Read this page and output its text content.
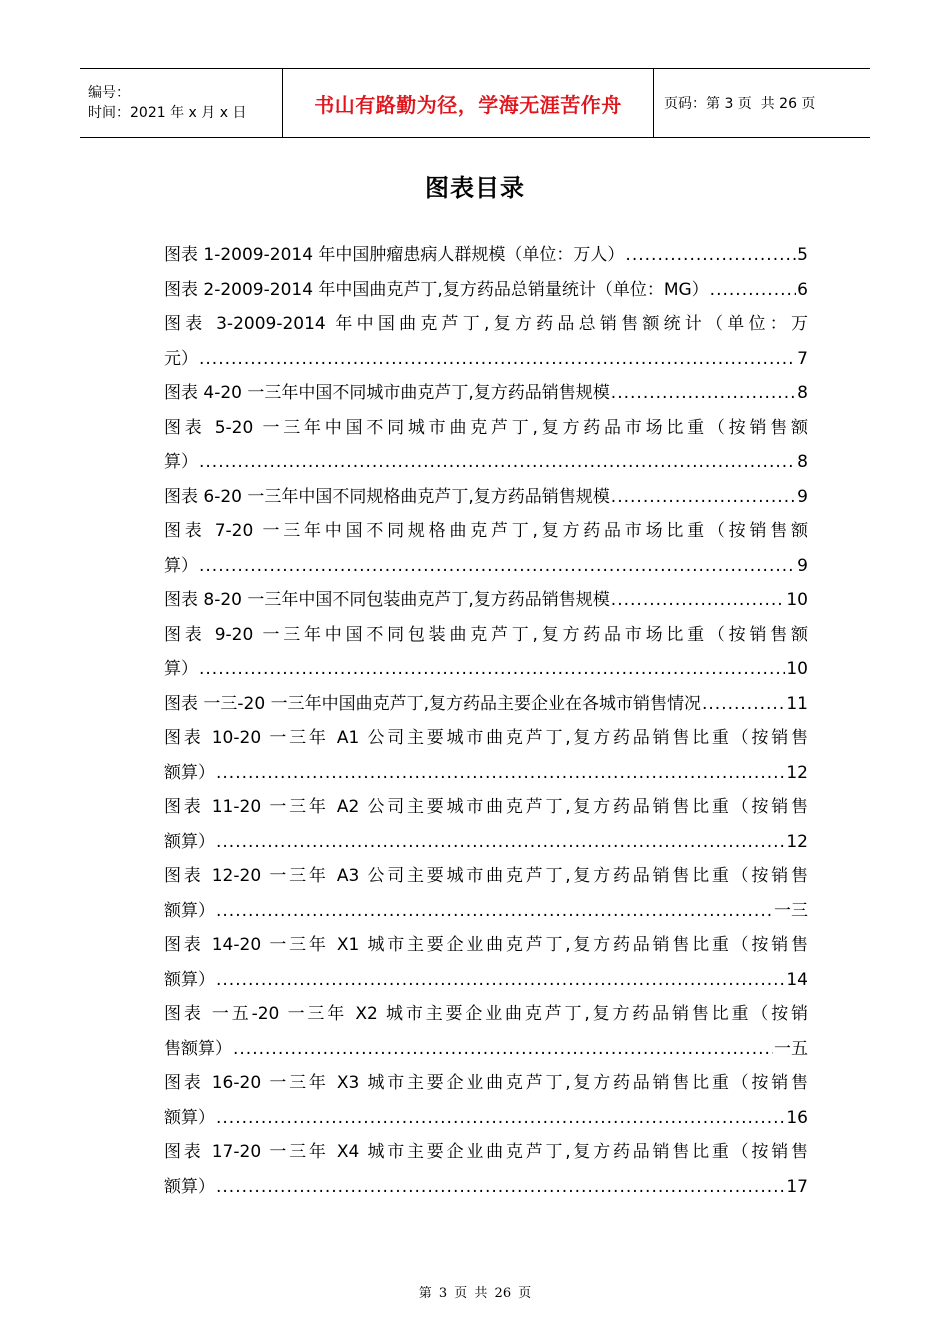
编号：
时间：2021 年 x 月 x 日	书山有路勤为径，学海无涯苦作舟	页码：第 3 页  共 26 页
图表目录
图表 1-2009-2014 年中国肿瘤患病人群规模（单位：万人） .....	5
图表 2-2009-2014 年中国曲克芦丁,复方药品总销量统计（单位：MG） .....	6
图表 3-2009-2014 年中国曲克芦丁,复方药品总销售额统计（单位：万
元） .....	7
图表 4-20 一三年中国不同城市曲克芦丁,复方药品销售规模 .....	8
图表 5-20 一三年中国不同城市曲克芦丁,复方药品市场比重（按销售额
算） .....	8
图表 6-20 一三年中国不同规格曲克芦丁,复方药品销售规模 .....	9
图表 7-20 一三年中国不同规格曲克芦丁,复方药品市场比重（按销售额
算） .....	9
图表 8-20 一三年中国不同包装曲克芦丁,复方药品销售规模 .....	10
图表 9-20 一三年中国不同包装曲克芦丁,复方药品市场比重（按销售额
算） .....	10
图表 一三-20 一三年中国曲克芦丁,复方药品主要企业在各城市销售情况 .....	11
图表 10-20 一三年 A1 公司主要城市曲克芦丁,复方药品销售比重（按销售
额算） .....	12
图表 11-20 一三年 A2 公司主要城市曲克芦丁,复方药品销售比重（按销售
额算） .....	12
图表 12-20 一三年 A3 公司主要城市曲克芦丁,复方药品销售比重（按销售
额算） .....	一三
图表 14-20 一三年 X1 城市主要企业曲克芦丁,复方药品销售比重（按销售
额算） .....	14
图表 一五-20 一三年 X2 城市主要企业曲克芦丁,复方药品销售比重（按销
售额算） .....	一五
图表 16-20 一三年 X3 城市主要企业曲克芦丁,复方药品销售比重（按销售
额算） .....	16
图表 17-20 一三年 X4 城市主要企业曲克芦丁,复方药品销售比重（按销售
额算） .....	17
第 3 页 共 26 页
